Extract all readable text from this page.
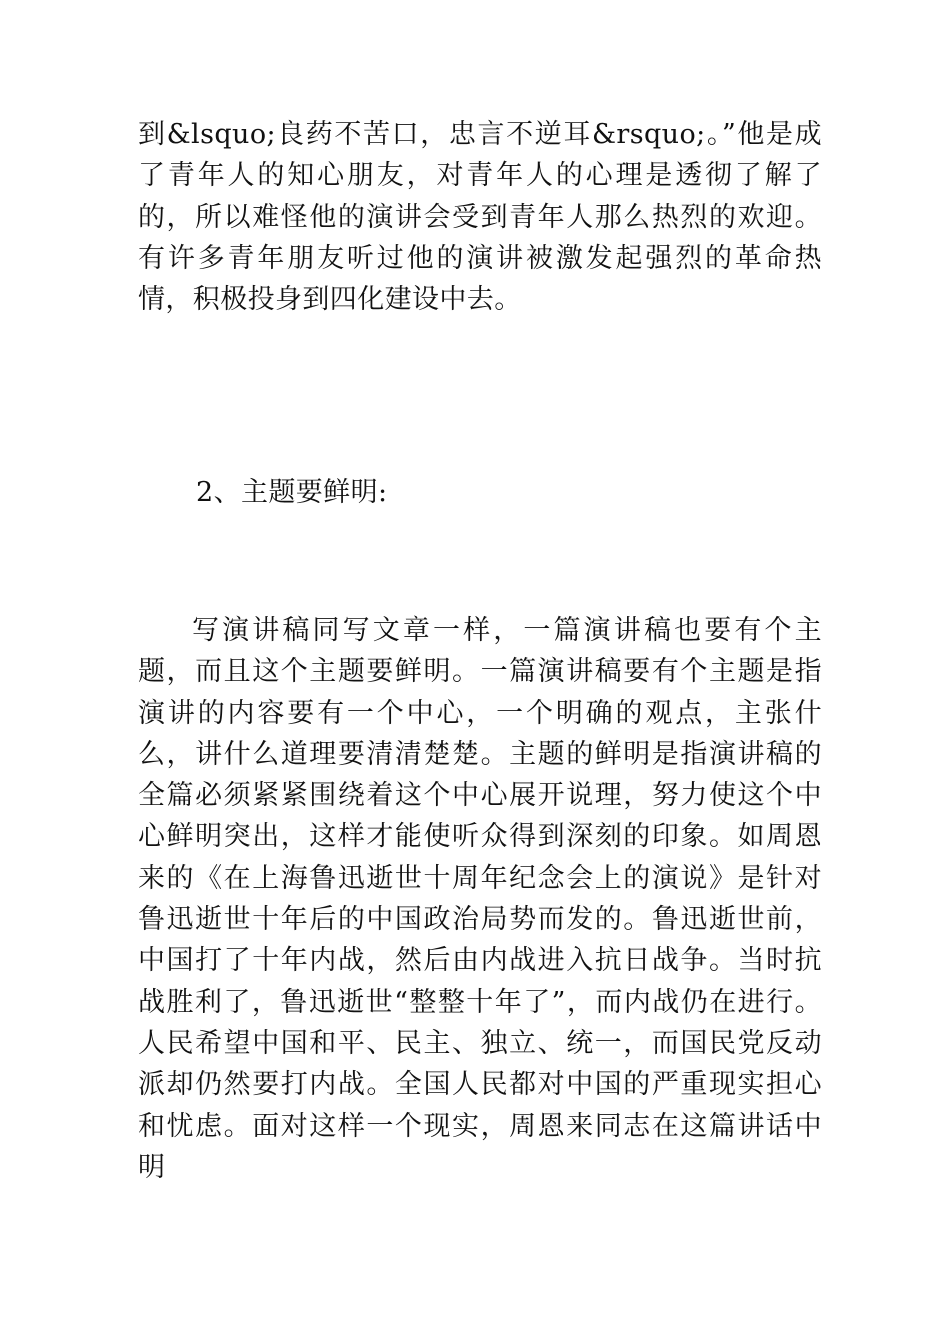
到&lsquo;良药不苦口，忠言不逆耳&rsquo;。”他是成了青年人的知心朋友，对青年人的心理是透彻了解了的，所以难怪他的演讲会受到青年人那么热烈的欢迎。有许多青年朋友听过他的演讲被激发起强烈的革命热情，积极投身到四化建设中去。

2、主题要鲜明:

写演讲稿同写文章一样，一篇演讲稿也要有个主题，而且这个主题要鲜明。一篇演讲稿要有个主题是指演讲的内容要有一个中心，一个明确的观点，主张什么，讲什么道理要清清楚楚。主题的鲜明是指演讲稿的全篇必须紧紧围绕着这个中心展开说理，努力使这个中心鲜明突出，这样才能使听众得到深刻的印象。如周恩来的《在上海鲁迅逝世十周年纪念会上的演说》是针对鲁迅逝世十年后的中国政治局势而发的。鲁迅逝世前，中国打了十年内战，然后由内战进入抗日战争。当时抗战胜利了，鲁迅逝世“整整十年了”，而内战仍在进行。人民希望中国和平、民主、独立、统一，而国民党反动派却仍然要打内战。全国人民都对中国的严重现实担心和忧虑。面对这样一个现实，周恩来同志在这篇讲话中明
